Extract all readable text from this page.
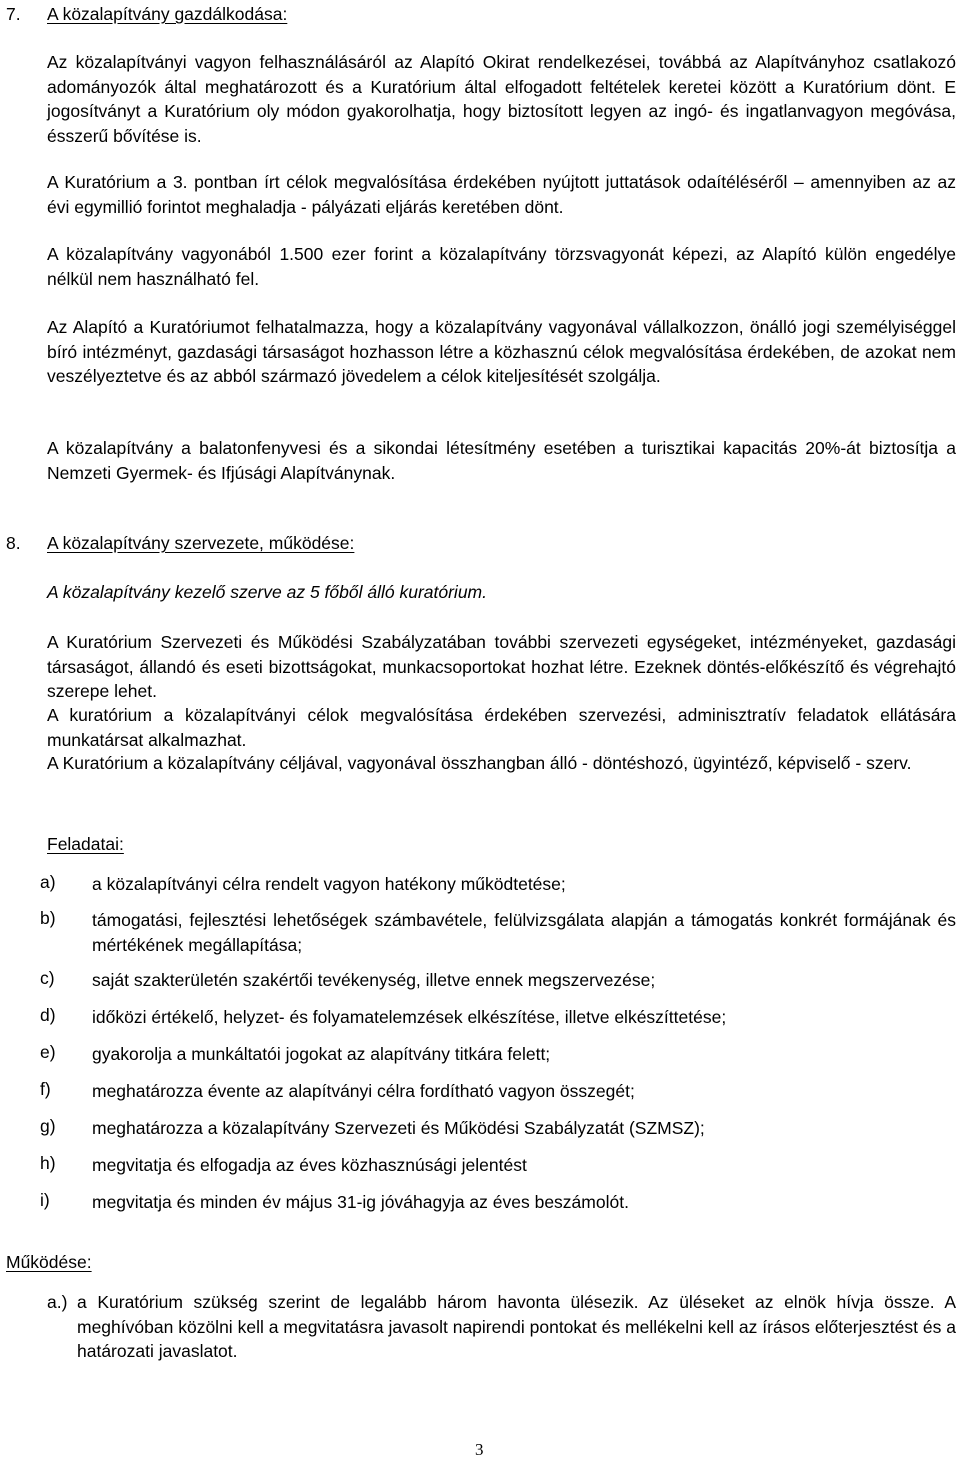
7. A közalapítvány gazdálkodása:
Az közalapítványi vagyon felhasználásáról az Alapító Okirat rendelkezései, továbbá az Alapítványhoz csatlakozó adományozók által meghatározott és a Kuratórium által elfogadott feltételek keretei között a Kuratórium dönt. E jogosítványt a Kuratórium oly módon gyakorolhatja, hogy biztosított legyen az ingó- és ingatlanvagyon megóvása, ésszerű bővítése is.
A Kuratórium a 3. pontban írt célok megvalósítása érdekében nyújtott juttatások odaítéléséről – amennyiben az az évi egymillió forintot meghaladja - pályázati eljárás keretében dönt.
A közalapítvány vagyonából 1.500 ezer forint a közalapítvány törzsvagyonát képezi, az Alapító külön engedélye nélkül nem használható fel.
Az Alapító a Kuratóriumot felhatalmazza, hogy a közalapítvány vagyonával vállalkozzon, önálló jogi személyiséggel bíró intézményt, gazdasági társaságot hozhasson létre a közhasznú célok megvalósítása érdekében, de azokat nem veszélyeztetve és az abból származó jövedelem a célok kiteljesítését szolgálja.
A közalapítvány a balatonfenyvesi és a sikondai létesítmény esetében a turisztikai kapacitás 20%-át biztosítja a Nemzeti Gyermek- és Ifjúsági Alapítványnak.
8. A közalapítvány szervezete, működése:
A közalapítvány kezelő szerve az 5 főből álló kuratórium.
A Kuratórium Szervezeti és Működési Szabályzatában további szervezeti egységeket, intézményeket, gazdasági társaságot, állandó és eseti bizottságokat, munkacsoportokat hozhat létre. Ezeknek döntés-előkészítő és végrehajtó szerepe lehet.
A kuratórium a közalapítványi célok megvalósítása érdekében szervezési, adminisztratív feladatok ellátására munkatársat alkalmazhat.
A Kuratórium a közalapítvány céljával, vagyonával összhangban álló - döntéshozó, ügyintéző, képviselő - szerv.
Feladatai:
a) a közalapítványi célra rendelt vagyon hatékony működtetése;
b) támogatási, fejlesztési lehetőségek számbavétele, felülvizsgálata alapján a támogatás konkrét formájának és mértékének megállapítása;
c) saját szakterületén szakértői tevékenység, illetve ennek megszervezése;
d) időközi értékelő, helyzet- és folyamatelemzések elkészítése, illetve elkészíttetése;
e) gyakorolja a munkáltatói jogokat az alapítvány titkára felett;
f) meghatározza évente az alapítványi célra fordítható vagyon összegét;
g) meghatározza a közalapítvány Szervezeti és Működési Szabályzatát (SZMSZ);
h) megvitatja és elfogadja az éves közhasznúsági jelentést
i) megvitatja és minden év május 31-ig jóváhagyja az éves beszámolót.
Működése:
a.) a Kuratórium szükség szerint de legalább három havonta ülésezik. Az üléseket az elnök hívja össze. A meghívóban közölni kell a megvitatásra javasolt napirendi pontokat és mellékelni kell az írásos előterjesztést és a határozati javaslatot.
3
